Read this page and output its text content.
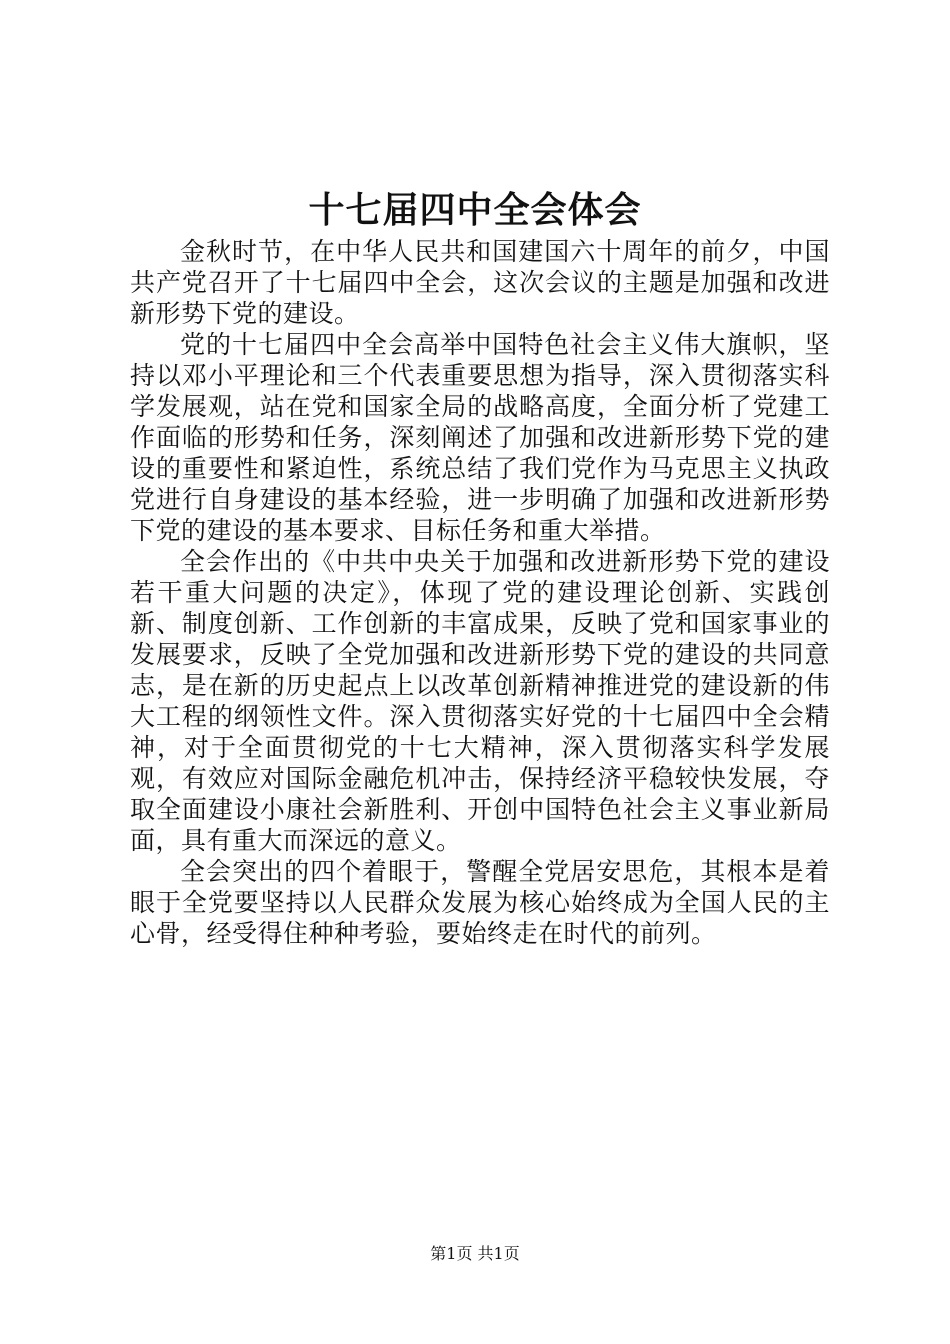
十七届四中全会体会

金秋时节，在中华人民共和国建国六十周年的前夕，中国共产党召开了十七届四中全会，这次会议的主题是加强和改进新形势下党的建设。

党的十七届四中全会高举中国特色社会主义伟大旗帜，坚持以邓小平理论和三个代表重要思想为指导，深入贯彻落实科学发展观，站在党和国家全局的战略高度，全面分析了党建工作面临的形势和任务，深刻阐述了加强和改进新形势下党的建设的重要性和紧迫性，系统总结了我们党作为马克思主义执政党进行自身建设的基本经验，进一步明确了加强和改进新形势下党的建设的基本要求、目标任务和重大举措。

全会作出的《中共中央关于加强和改进新形势下党的建设若干重大问题的决定》，体现了党的建设理论创新、实践创新、制度创新、工作创新的丰富成果，反映了党和国家事业的发展要求，反映了全党加强和改进新形势下党的建设的共同意志，是在新的历史起点上以改革创新精神推进党的建设新的伟大工程的纲领性文件。深入贯彻落实好党的十七届四中全会精神，对于全面贯彻党的十七大精神，深入贯彻落实科学发展观，有效应对国际金融危机冲击，保持经济平稳较快发展，夺取全面建设小康社会新胜利、开创中国特色社会主义事业新局面，具有重大而深远的意义。

全会突出的四个着眼于，警醒全党居安思危，其根本是着眼于全党要坚持以人民群众发展为核心始终成为全国人民的主心骨，经受得住种种考验，要始终走在时代的前列。

第1页 共1页
